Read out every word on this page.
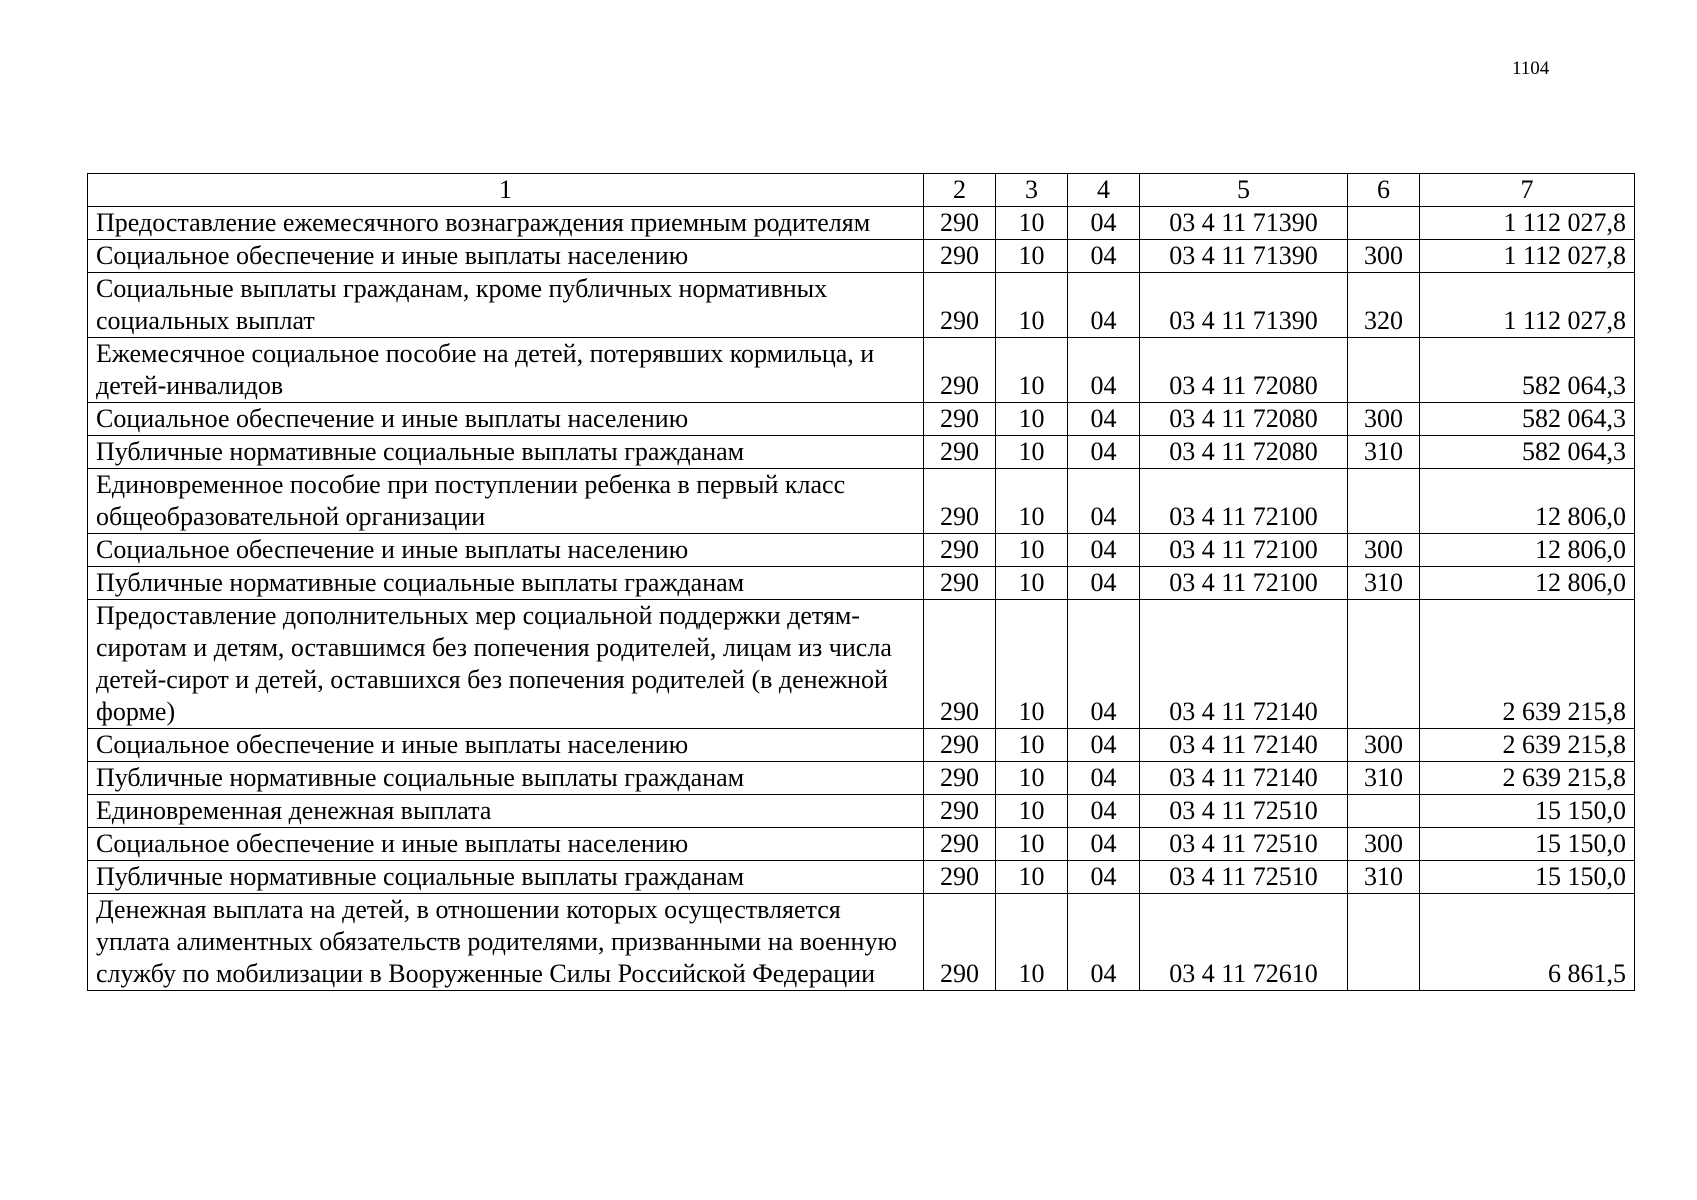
1104
1	2	3	4	5	6	7
Предоставление ежемесячного вознаграждения приемным родителям	290	10	04	03 4 11 71390		1 112 027,8
Социальное обеспечение и иные выплаты населению	290	10	04	03 4 11 71390	300	1 112 027,8
Социальные выплаты гражданам, кроме публичных нормативных социальных выплат	290	10	04	03 4 11 71390	320	1 112 027,8
Ежемесячное социальное пособие на детей, потерявших кормильца, и детей-инвалидов	290	10	04	03 4 11 72080		582 064,3
Социальное обеспечение и иные выплаты населению	290	10	04	03 4 11 72080	300	582 064,3
Публичные нормативные социальные выплаты гражданам	290	10	04	03 4 11 72080	310	582 064,3
Единовременное пособие при поступлении ребенка в первый класс общеобразовательной организации	290	10	04	03 4 11 72100		12 806,0
Социальное обеспечение и иные выплаты населению	290	10	04	03 4 11 72100	300	12 806,0
Публичные нормативные социальные выплаты гражданам	290	10	04	03 4 11 72100	310	12 806,0
Предоставление дополнительных мер социальной поддержки детям-сиротам и детям, оставшимся без попечения родителей, лицам из числа детей-сирот и детей, оставшихся без попечения родителей (в денежной форме)	290	10	04	03 4 11 72140		2 639 215,8
Социальное обеспечение и иные выплаты населению	290	10	04	03 4 11 72140	300	2 639 215,8
Публичные нормативные социальные выплаты гражданам	290	10	04	03 4 11 72140	310	2 639 215,8
Единовременная денежная выплата	290	10	04	03 4 11 72510		15 150,0
Социальное обеспечение и иные выплаты населению	290	10	04	03 4 11 72510	300	15 150,0
Публичные нормативные социальные выплаты гражданам	290	10	04	03 4 11 72510	310	15 150,0
Денежная выплата на детей, в отношении которых осуществляется уплата алиментных обязательств родителями, призванными на военную службу по мобилизации в Вооруженные Силы Российской Федерации	290	10	04	03 4 11 72610		6 861,5
